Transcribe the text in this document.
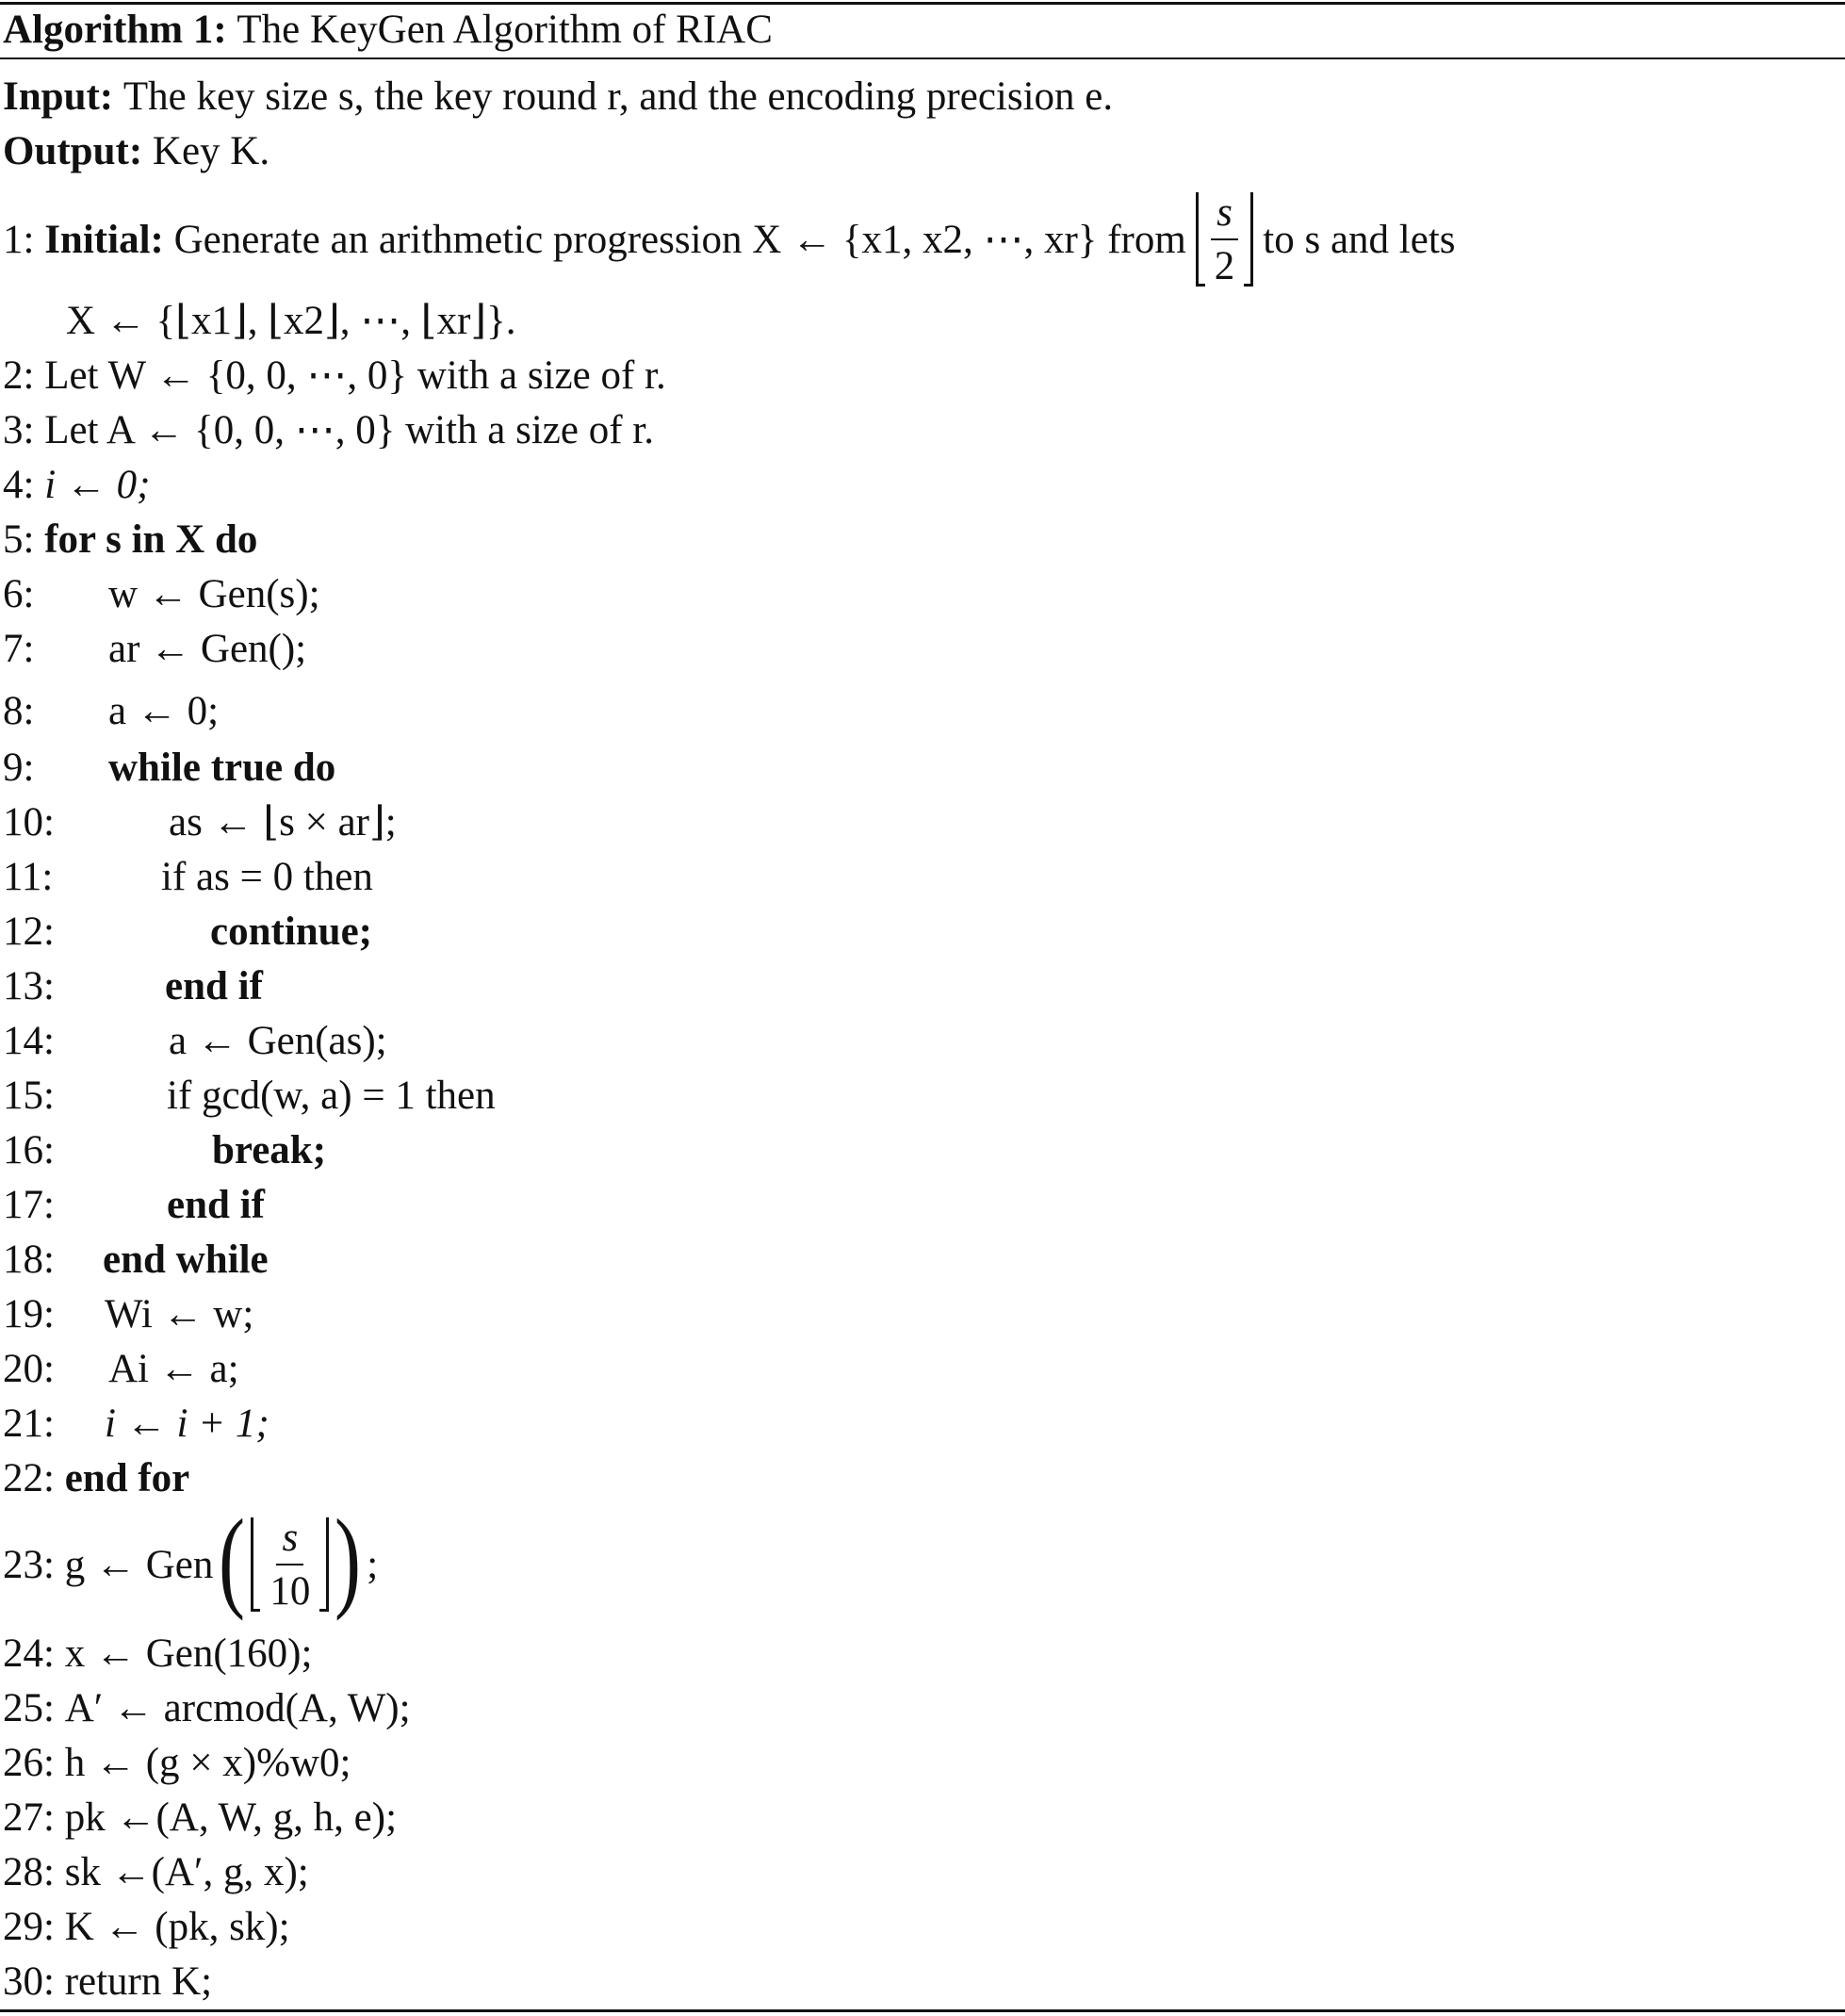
Algorithm 1:
The KeyGen Algorithm of RIAC
Input:
The key size s, the key round r, and the encoding precision e.
Output:
Key K.
1:
Initial:
Generate an arithmetic progression X ← {x1, x2, ⋯, xr} from $\frac{s}{2}$ to s and lets
X ← {⌊x1⌋, ⌊x2⌋, ⋯, ⌊xr⌋}.
2:
Let W ← {0, 0, ⋯, 0} with a size of r.
3:
Let A ← {0, 0, ⋯, 0} with a size of r.
4:
i ← 0;
5:
for s in X do
6:	w ← Gen(s);
7:	ar ← Gen();
8:	a ← 0;
9:	while true do
10:	as ← ⌊s × ar⌋;
11:	if as = 0 then
12:	continue;
13:	end if
14:	a ← Gen(as);
15:	if gcd(w, a) = 1 then
16:	break;
17:	end if
18:	end while
19:	Wi ← w;
20:	Ai ← a;
21:	i ← i + 1;
22:
end for
23:
g ← Gen ( $\frac{s}{10}$ ) ;
24:
x ← Gen(160);
25:
A′ ← arcmod(A, W);
26:
h ← (g × x)%w0;
27:
pk ←(A, W, g, h, e);
28:
sk ←(A′, g, x);
29:
K ← (pk, sk);
30:
return K;
